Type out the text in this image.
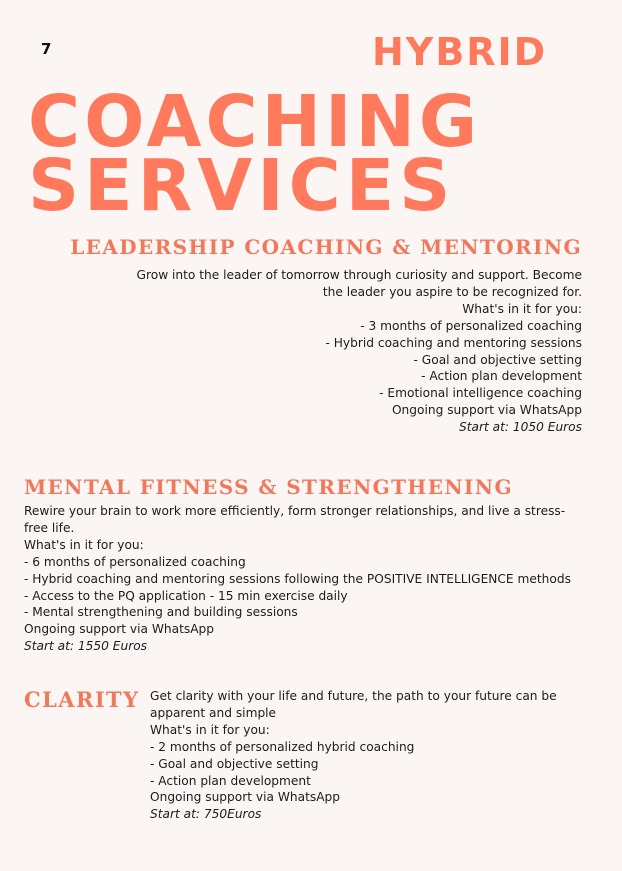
7	HYBRID
COACHING
SERVICES
LEADERSHIP COACHING & MENTORING

Grow into the leader of tomorrow through curiosity and support. Become

the leader you aspire to be recognized for.

What's in it for you:

- 3 months of personalized coaching

- Hybrid coaching and mentoring sessions

- Goal and objective setting

- Action plan development

- Emotional intelligence coaching

Ongoing support via WhatsApp

Start at: 1050 Euros

MENTAL FITNESS & STRENGTHENING

Rewire your brain to work more efficiently, form stronger relationships, and live a stress-

free life.

What's in it for you:

- 6 months of personalized coaching

- Hybrid coaching and mentoring sessions following the POSITIVE INTELLIGENCE methods

- Access to the PQ application - 15 min exercise daily

- Mental strengthening and building sessions

Ongoing support via WhatsApp

Start at: 1550 Euros

CLARITY Get clarity with your life and future, the path to your future can be

apparent and simple

What's in it for you:

- 2 months of personalized hybrid coaching

- Goal and objective setting

- Action plan development

Ongoing support via WhatsApp

Start at: 750Euros
